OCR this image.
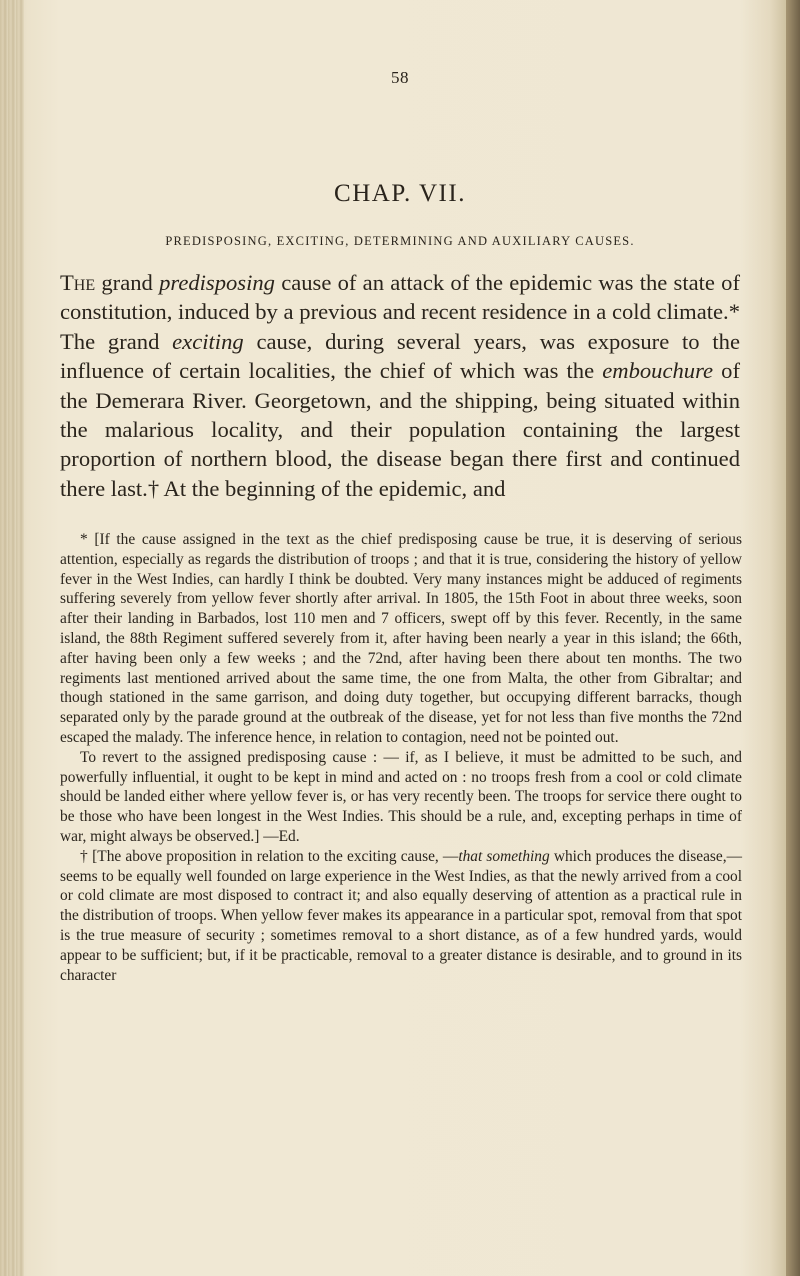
58
CHAP. VII.
PREDISPOSING, EXCITING, DETERMINING AND AUXILIARY CAUSES.

The grand predisposing cause of an attack of the epidemic was the state of constitution, induced by a previous and recent residence in a cold climate.* The grand exciting cause, during several years, was exposure to the influence of certain localities, the chief of which was the embouchure of the Demerara River. Georgetown, and the shipping, being situated within the malarious locality, and their population containing the largest proportion of northern blood, the disease began there first and continued there last.† At the beginning of the epidemic, and

* [If the cause assigned in the text as the chief predisposing cause be true, it is deserving of serious attention, especially as regards the distribution of troops ; and that it is true, considering the history of yellow fever in the West Indies, can hardly I think be doubted. Very many instances might be adduced of regiments suffering severely from yellow fever shortly after arrival. In 1805, the 15th Foot in about three weeks, soon after their landing in Barbados, lost 110 men and 7 officers, swept off by this fever. Recently, in the same island, the 88th Regiment suffered severely from it, after having been nearly a year in this island; the 66th, after having been only a few weeks ; and the 72nd, after having been there about ten months. The two regiments last mentioned arrived about the same time, the one from Malta, the other from Gibraltar; and though stationed in the same garrison, and doing duty together, but occupying different barracks, though separated only by the parade ground at the outbreak of the disease, yet for not less than five months the 72nd escaped the malady. The inference hence, in relation to contagion, need not be pointed out.

To revert to the assigned predisposing cause : — if, as I believe, it must be admitted to be such, and powerfully influential, it ought to be kept in mind and acted on : no troops fresh from a cool or cold climate should be landed either where yellow fever is, or has very recently been. The troops for service there ought to be those who have been longest in the West Indies. This should be a rule, and, excepting perhaps in time of war, might always be observed.] —Ed.

† [The above proposition in relation to the exciting cause, —that something which produces the disease,—seems to be equally well founded on large experience in the West Indies, as that the newly arrived from a cool or cold climate are most disposed to contract it; and also equally deserving of attention as a practical rule in the distribution of troops. When yellow fever makes its appearance in a particular spot, removal from that spot is the true measure of security ; sometimes removal to a short distance, as of a few hundred yards, would appear to be sufficient; but, if it be practicable, removal to a greater distance is desirable, and to ground in its character
